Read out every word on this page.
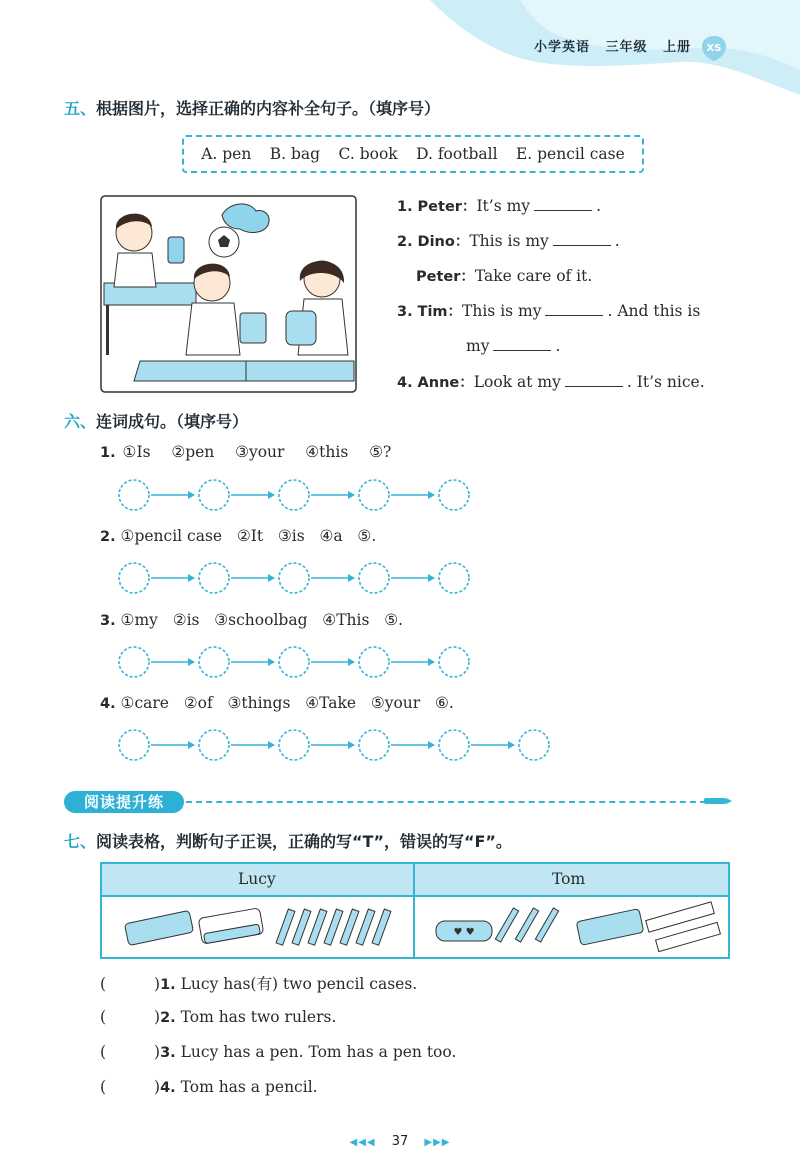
小学英语 三年级 上册	XS
五、根据图片，选择正确的内容补全句子。（填序号）
A. pen B. bag C. book D. football E. pencil case
1. Peter：It’s my	.
2. Dino：This is my	.
Peter：Take care of it.
3. Tim：This is my	. And this is
my	.
4. Anne：Look at my	. It’s nice.
六、连词成句。（填序号）
1. ①Is ②pen ③your ④this ⑤?
2. ①pencil case ②It ③is ④a ⑤.
3. ①my ②is ③schoolbag ④This ⑤.
4. ①care ②of ③things ④Take ⑤your ⑥.
阅读提升练
七、阅读表格，判断句子正误，正确的写“T”，错误的写“F”。
Lucy	Tom
♥ ♥
(	)1. Lucy has(有) two pencil cases.
(	)2. Tom has two rulers.
(	)3. Lucy has a pen. Tom has a pen too.
(	)4. Tom has a pencil.
◀◀◀ 37 ▶▶▶
